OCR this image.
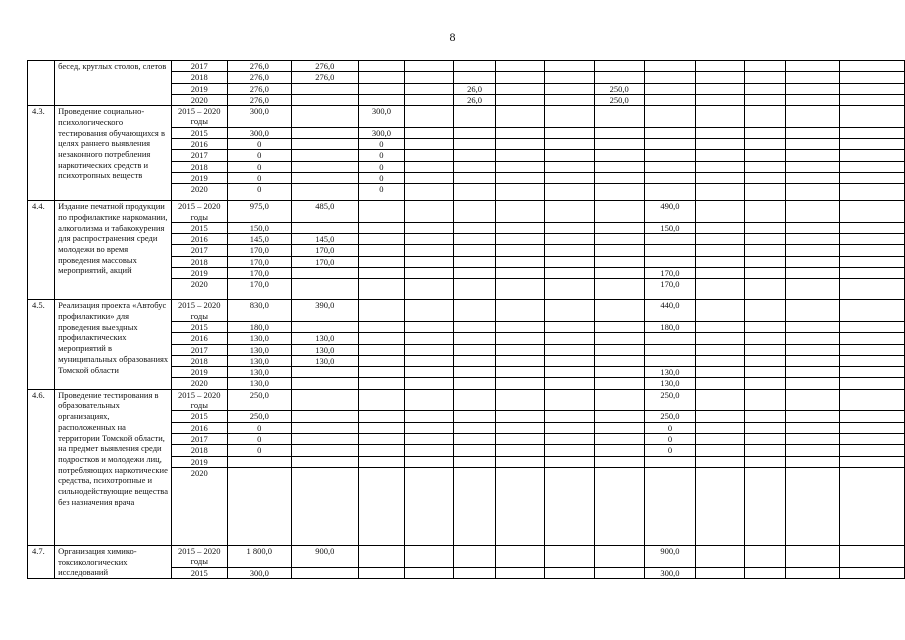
8
	бесед, круглых столов, слетов	2017	276,0	276,0											
		2018	276,0	276,0											
		2019	276,0				26,0			250,0					
		2020	276,0				26,0			250,0					
4.3.	Проведение социально-психологического тестирования обучающихся в целях раннего выявления незаконного потребления наркотических средств и психотропных веществ	2015 – 2020 годы	300,0		300,0										
		2015	300,0		300,0										
		2016	0		0										
		2017	0		0										
		2018	0		0										
		2019	0		0										
		2020	0		0										
4.4.	Издание печатной продукции по профилактике наркомании, алкоголизма и табакокурения для распространения среди молодежи во время проведения массовых мероприятий, акций	2015 – 2020 годы	975,0	485,0							490,0				
		2015	150,0								150,0				
		2016	145,0	145,0											
		2017	170,0	170,0											
		2018	170,0	170,0											
		2019	170,0								170,0				
		2020	170,0								170,0				
4.5.	Реализация проекта «Автобус профилактики» для проведения выездных профилактических мероприятий в муниципальных образованиях Томской области	2015 – 2020 годы	830,0	390,0							440,0				
		2015	180,0								180,0				
		2016	130,0	130,0											
		2017	130,0	130,0											
		2018	130,0	130,0											
		2019	130,0								130,0				
		2020	130,0								130,0				
4.6.	Проведение тестирования в образовательных организациях, расположенных на территории Томской области, на предмет выявления среди подростков и молодежи лиц, потребляющих наркотические средства, психотропные и сильнодействующие вещества без назначения врача	2015 – 2020 годы	250,0								250,0				
		2015	250,0								250,0				
		2016	0								0				
		2017	0								0				
		2018	0								0				
		2019													
		2020													
4.7.	Организация химико-токсикологических исследований	2015 – 2020 годы	1 800,0	900,0							900,0				
		2015	300,0								300,0				
